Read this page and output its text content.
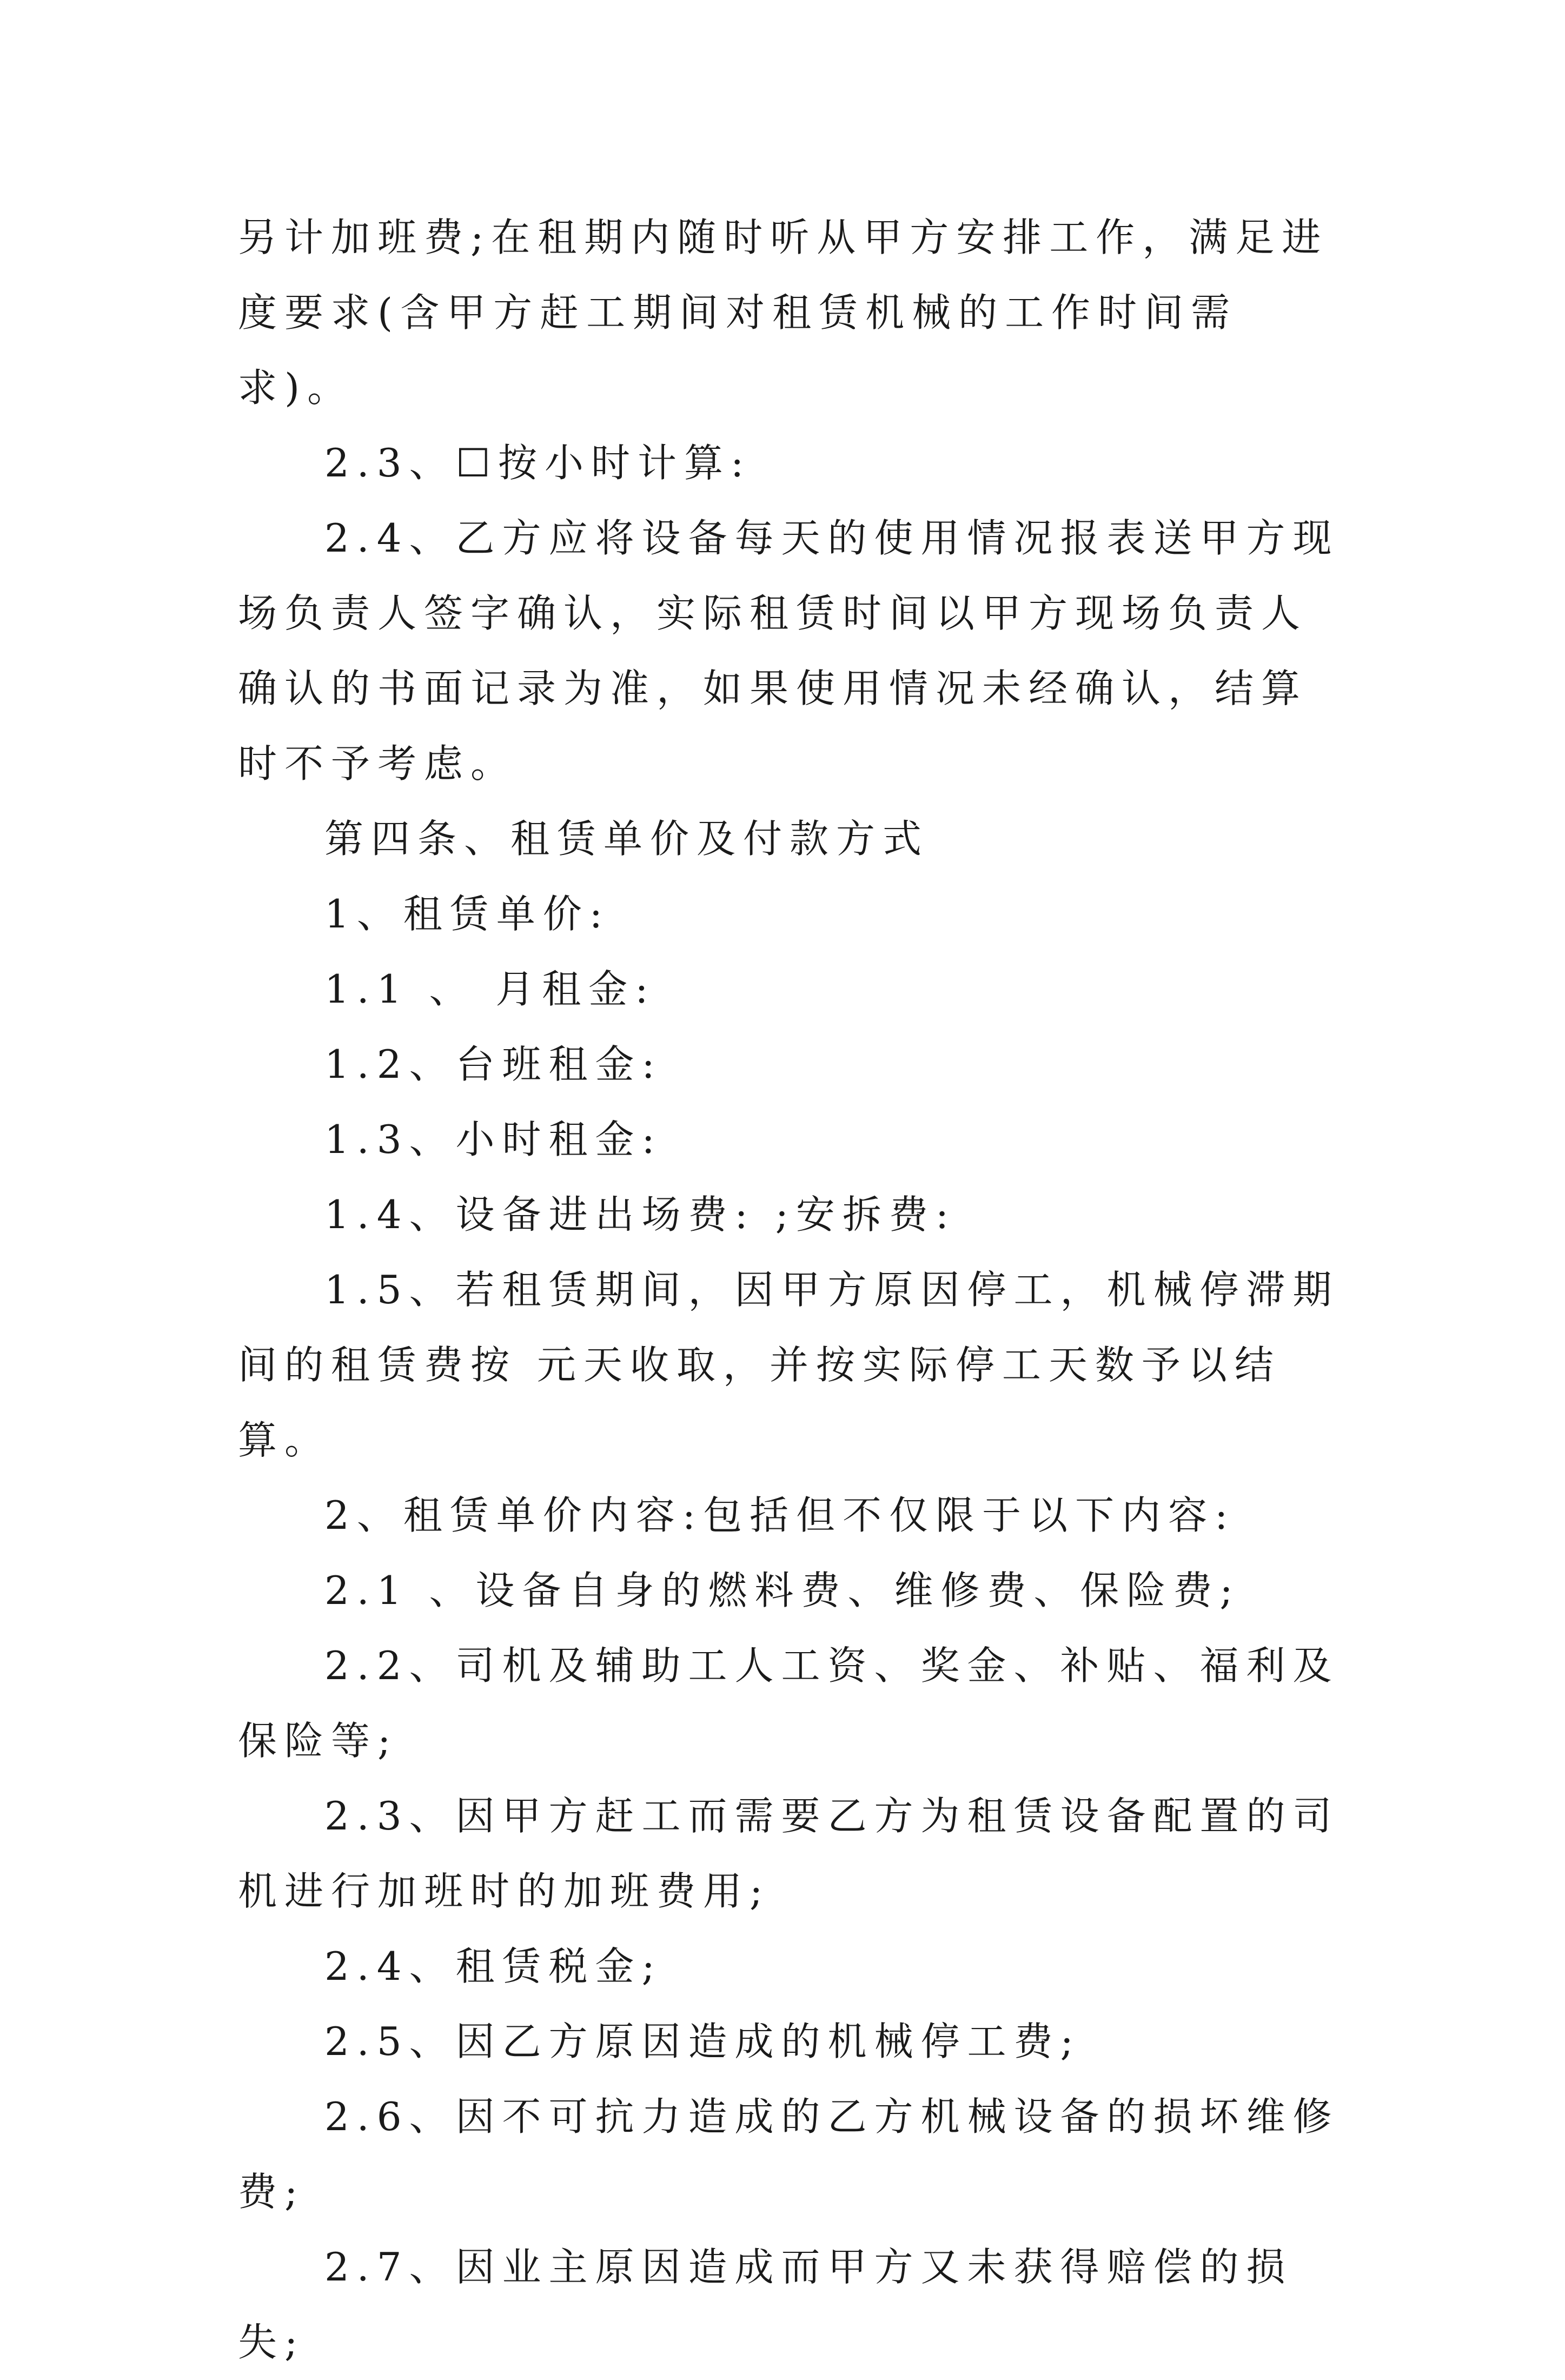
另计加班费;在租期内随时听从甲方安排工作，满足进度要求(含甲方赶工期间对租赁机械的工作时间需求)。

2.3、☐按小时计算:

2.4、乙方应将设备每天的使用情况报表送甲方现场负责人签字确认，实际租赁时间以甲方现场负责人确认的书面记录为准，如果使用情况未经确认，结算时不予考虑。

第四条、租赁单价及付款方式

1、租赁单价:

1.1 、 月租金:

1.2、台班租金:

1.3、小时租金:

1.4、设备进出场费: ;安拆费:

1.5、若租赁期间，因甲方原因停工，机械停滞期间的租赁费按 元天收取，并按实际停工天数予以结算。

2、租赁单价内容:包括但不仅限于以下内容:

2.1 、设备自身的燃料费、维修费、保险费;

2.2、司机及辅助工人工资、奖金、补贴、福利及保险等;

2.3、因甲方赶工而需要乙方为租赁设备配置的司机进行加班时的加班费用;

2.4、租赁税金;

2.5、因乙方原因造成的机械停工费;

2.6、因不可抗力造成的乙方机械设备的损坏维修费;

2.7、因业主原因造成而甲方又未获得赔偿的损失;
